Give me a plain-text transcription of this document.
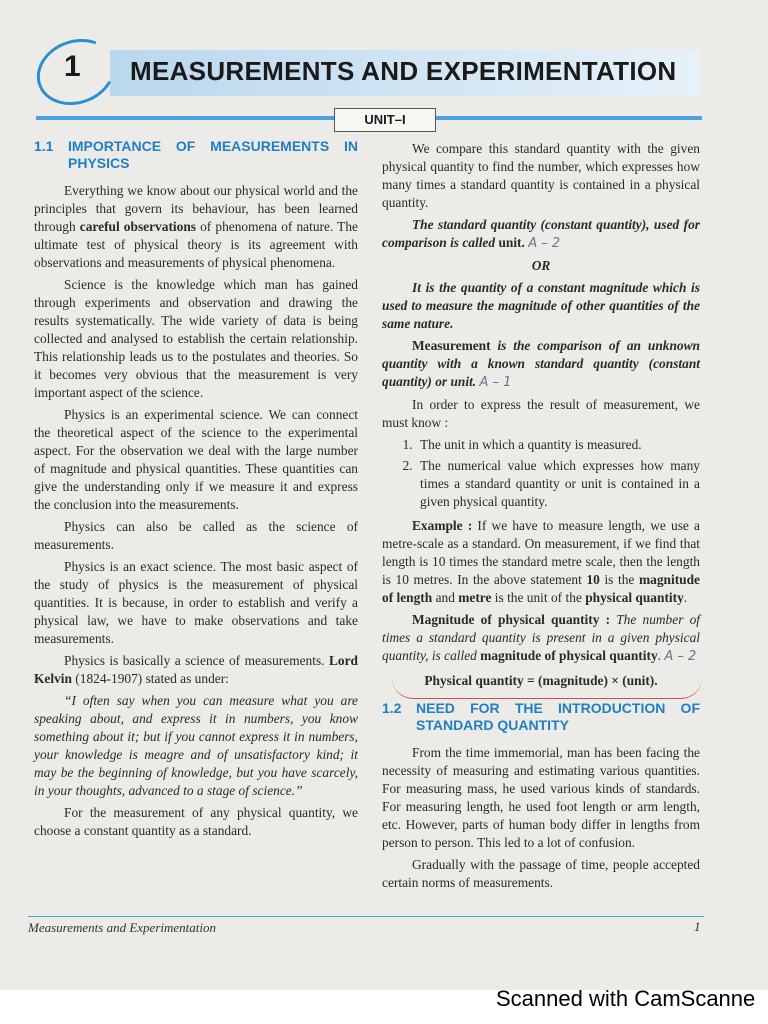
1 MEASUREMENTS AND EXPERIMENTATION
UNIT–I
1.1 IMPORTANCE OF MEASUREMENTS IN PHYSICS

Everything we know about our physical world and the principles that govern its behaviour, has been learned through careful observations of phenomena of nature. The ultimate test of physical theory is its agreement with observations and measurements of physical phenomena.

Science is the knowledge which man has gained through experiments and observation and drawing the results systematically. The wide variety of data is being collected and analysed to establish the certain relationship. This relationship leads us to the postulates and theories. So it becomes very obvious that the measurement is very important aspect of the science.

Physics is an experimental science. We can connect the theoretical aspect of the science to the experimental aspect. For the observation we deal with the large number of magnitude and physical quantities. These quantities can give the understanding only if we measure it and express the conclusion into the measurements.

Physics can also be called as the science of measurements.

Physics is an exact science. The most basic aspect of the study of physics is the measurement of physical quantities. It is because, in order to establish and verify a physical law, we have to make observations and take measurements.

Physics is basically a science of measurements. Lord Kelvin (1824-1907) stated as under:

“I often say when you can measure what you are speaking about, and express it in numbers, you know something about it; but if you cannot express it in numbers, your knowledge is meagre and of unsatisfactory kind; it may be the beginning of knowledge, but you have scarcely, in your thoughts, advanced to a stage of science.”

For the measurement of any physical quantity, we choose a constant quantity as a standard.

We compare this standard quantity with the given physical quantity to find the number, which expresses how many times a standard quantity is contained in a physical quantity.

The standard quantity (constant quantity), used for comparison is called unit. A – 2

OR

It is the quantity of a constant magnitude which is used to measure the magnitude of other quantities of the same nature.

Measurement is the comparison of an unknown quantity with a known standard quantity (constant quantity) or unit. A – 1

In order to express the result of measurement, we must know :

1. The unit in which a quantity is measured.
2. The numerical value which expresses how many times a standard quantity or unit is contained in a given physical quantity.

Example : If we have to measure length, we use a metre-scale as a standard. On measurement, if we find that length is 10 times the standard metre scale, then the length is 10 metres. In the above statement 10 is the magnitude of length and metre is the unit of the physical quantity.

Magnitude of physical quantity : The number of times a standard quantity is present in a given physical quantity, is called magnitude of physical quantity. A – 2

Physical quantity = (magnitude) × (unit).

1.2 NEED FOR THE INTRODUCTION OF STANDARD QUANTITY

From the time immemorial, man has been facing the necessity of measuring and estimating various quantities. For measuring mass, he used various kinds of standards. For measuring length, he used foot length or arm length, etc. However, parts of human body differ in lengths from person to person. This led to a lot of confusion.

Gradually with the passage of time, people accepted certain norms of measurements.

Measurements and Experimentation	1
Scanned with CamScanne
